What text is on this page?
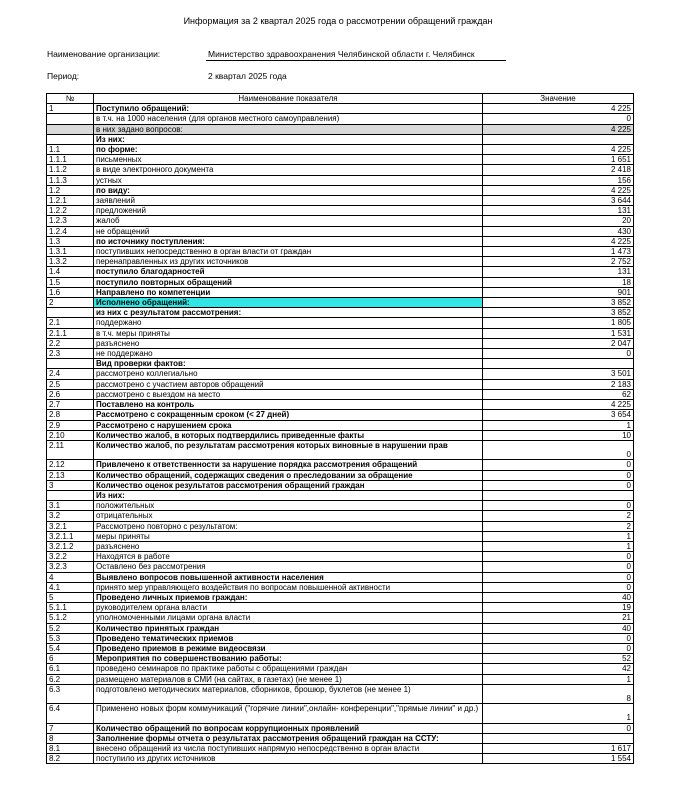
Информация за 2 квартал 2025 года о рассмотрении обращений граждан
Наименование организации:	Министерство здравоохранения Челябинской области г. Челябинск
Период:	2 квартал 2025 года
№	Наименование показателя	Значение
1	Поступило обращений:	4 225
	в т.ч. на 1000 населения (для органов местного самоуправления)	0
	в них задано вопросов:	4 225
	Из них:	
1.1	по форме:	4 225
1.1.1	письменных	1 651
1.1.2	в виде электронного документа	2 418
1.1.3	устных	156
1.2	по виду:	4 225
1.2.1	заявлений	3 644
1.2.2	предложений	131
1.2.3	жалоб	20
1.2.4	не обращений	430
1.3	по источнику поступления:	4 225
1.3.1	поступивших непосредственно в орган власти от граждан	1 473
1.3.2	перенаправленных из других источников	2 752
1.4	поступило благодарностей	131
1.5	поступило повторных обращений	18
1.6	Направлено по компетенции	901
2	Исполнено обращений:	3 852
	из них с результатом рассмотрения:	3 852
2.1	поддержано	1 805
2.1.1	в т.ч. меры приняты	1 531
2.2	разъяснено	2 047
2.3	не поддержано	0
	Вид проверки фактов:	
2.4	рассмотрено коллегиально	3 501
2.5	рассмотрено с участием авторов обращений	2 183
2.6	рассмотрено с выездом на место	62
2.7	Поставлено на контроль	4 225
2.8	Рассмотрено с сокращенным сроком (< 27 дней)	3 654
2.9	Рассмотрено с нарушением срока	1
2.10	Количество жалоб, в которых подтвердились приведенные факты	10
2.11	Количество жалоб, по результатам рассмотрения которых виновные в нарушении прав	0
2.12	Привлечено к ответственности за нарушение порядка рассмотрения обращений	0
2.13	Количество обращений, содержащих сведения о преследовании за обращение	0
3	Количество оценок результатов рассмотрения обращений граждан	0
	Из них:	
3.1	положительных	0
3.2	отрицательных	2
3.2.1	Рассмотрено повторно с результатом:	2
3.2.1.1	меры приняты	1
3.2.1.2	разъяснено	1
3.2.2	Находятся в работе	0
3.2.3	Оставлено без рассмотрения	0
4	Выявлено вопросов повышенной активности населения	0
4.1	принято мер управляющего воздействия по вопросам повышенной активности	0
5	Проведено личных приемов граждан:	40
5.1.1	руководителем органа власти	19
5.1.2	уполномоченными лицами органа власти	21
5.2	Количество принятых граждан	40
5.3	Проведено тематических приемов	0
5.4	Проведено приемов в режиме видеосвязи	0
6	Мероприятия по совершенствованию работы:	52
6.1	проведено семинаров по практике работы с обращениями граждан	42
6.2	размещено материалов в СМИ (на сайтах, в газетах) (не менее 1)	1
6.3	подготовлено методических материалов, сборников, брошюр, буклетов (не менее 1)	8
6.4	Применено новых форм коммуникаций ("горячие линии",онлайн- конференции","прямые линии" и др.)	1
7	Количество обращений по вопросам коррупционных проявлений	0
8	Заполнение формы отчета о результатах рассмотрения обращений граждан на ССТУ:	
8.1	внесено обращений из числа поступивших напрямую непосредственно в орган власти	1 617
8.2	поступило из других источников	1 554
